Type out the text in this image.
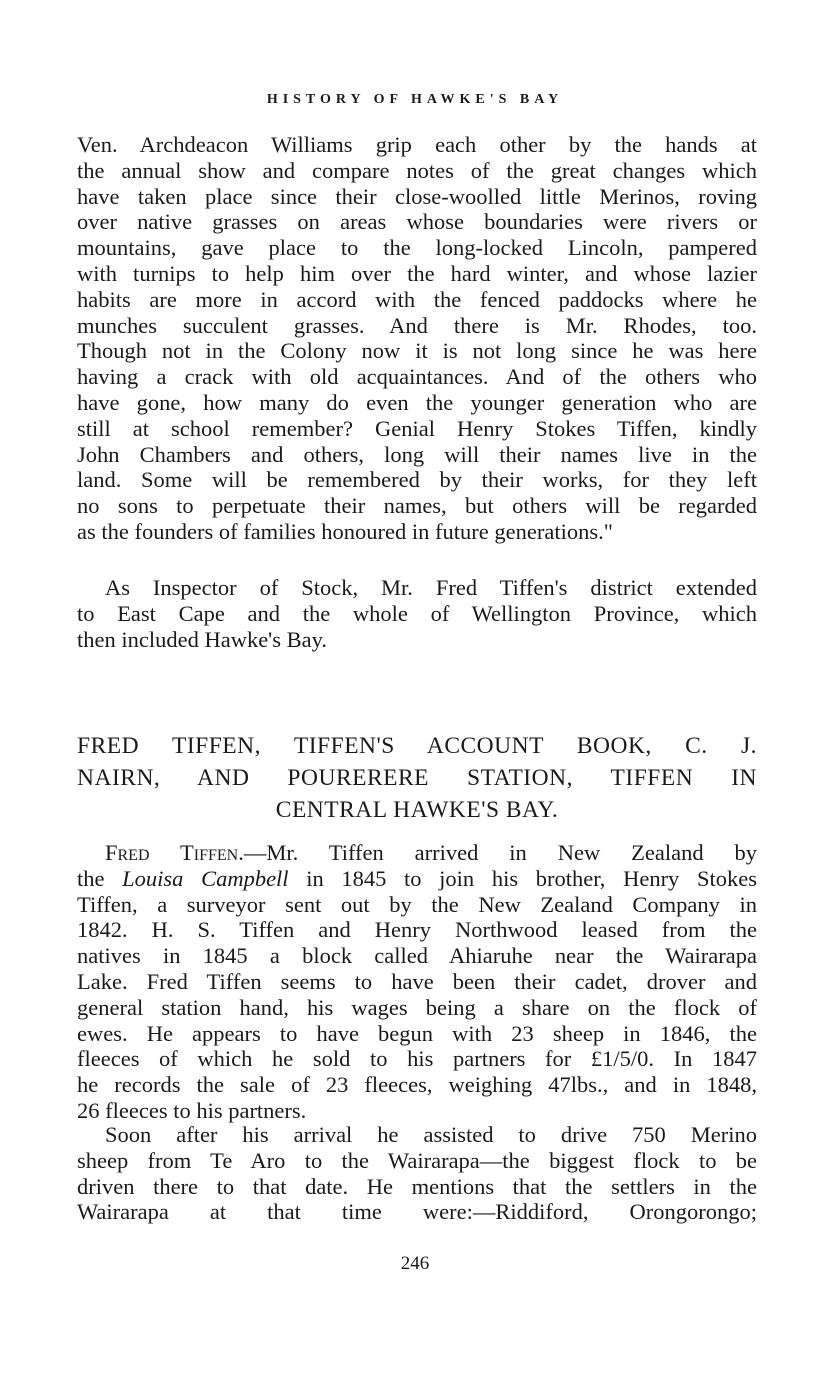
HISTORY OF HAWKE'S BAY
Ven. Archdeacon Williams grip each other by the hands at
the annual show and compare notes of the great changes which
have taken place since their close-woolled little Merinos, roving
over native grasses on areas whose boundaries were rivers or
mountains, gave place to the long-locked Lincoln, pampered
with turnips to help him over the hard winter, and whose lazier
habits are more in accord with the fenced paddocks where he
munches succulent grasses. And there is Mr. Rhodes, too.
Though not in the Colony now it is not long since he was here
having a crack with old acquaintances. And of the others who
have gone, how many do even the younger generation who are
still at school remember? Genial Henry Stokes Tiffen, kindly
John Chambers and others, long will their names live in the
land. Some will be remembered by their works, for they left
no sons to perpetuate their names, but others will be regarded
as the founders of families honoured in future generations."
As Inspector of Stock, Mr. Fred Tiffen's district extended
to East Cape and the whole of Wellington Province, which
then included Hawke's Bay.
FRED TIFFEN, TIFFEN'S ACCOUNT BOOK, C. J.
NAIRN, AND POURERERE STATION, TIFFEN IN
CENTRAL HAWKE'S BAY.
Fred Tiffen.—Mr. Tiffen arrived in New Zealand by
the Louisa Campbell in 1845 to join his brother, Henry Stokes
Tiffen, a surveyor sent out by the New Zealand Company in
1842. H. S. Tiffen and Henry Northwood leased from the
natives in 1845 a block called Ahiaruhe near the Wairarapa
Lake. Fred Tiffen seems to have been their cadet, drover and
general station hand, his wages being a share on the flock of
ewes. He appears to have begun with 23 sheep in 1846, the
fleeces of which he sold to his partners for £1/5/0. In 1847
he records the sale of 23 fleeces, weighing 47lbs., and in 1848,
26 fleeces to his partners.
Soon after his arrival he assisted to drive 750 Merino
sheep from Te Aro to the Wairarapa—the biggest flock to be
driven there to that date. He mentions that the settlers in the
Wairarapa at that time were:—Riddiford, Orongorongo;
246
